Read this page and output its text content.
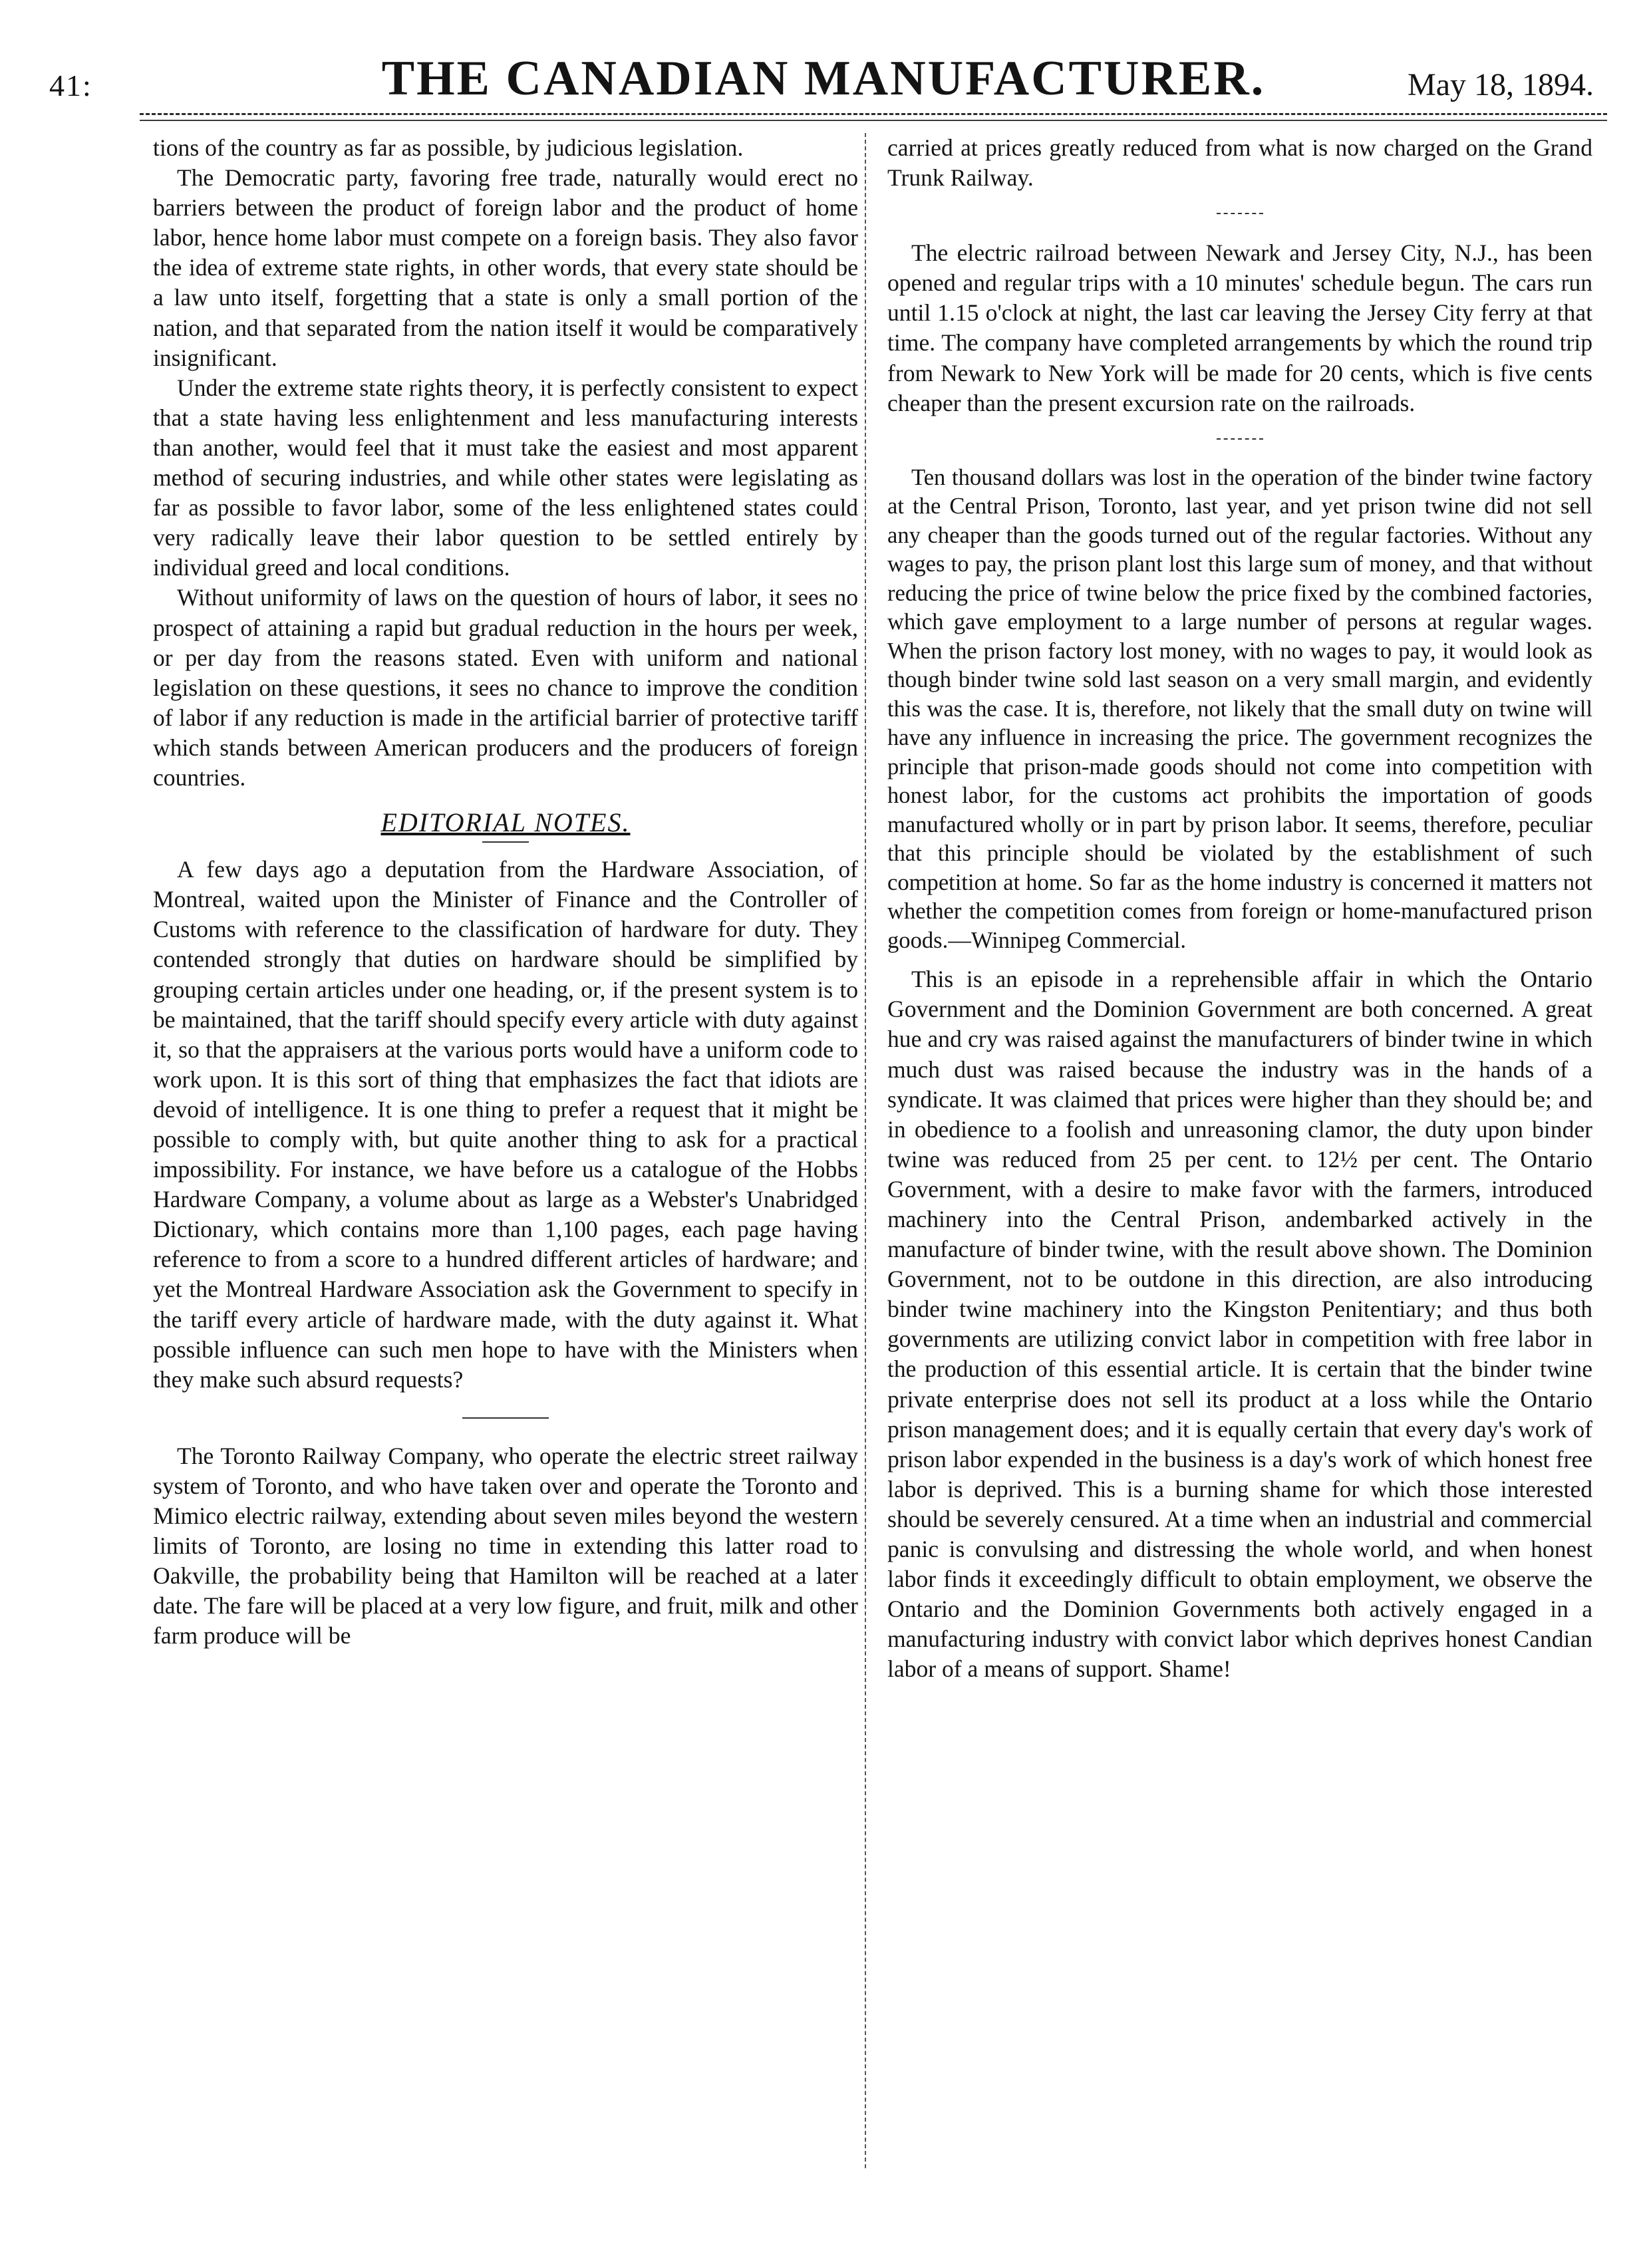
41:	THE CANADIAN MANUFACTURER.	May 18, 1894.

tions of the country as far as possible, by judicious legislation.

The Democratic party, favoring free trade, naturally would erect no barriers between the product of foreign labor and the product of home labor, hence home labor must compete on a foreign basis. They also favor the idea of extreme state rights, in other words, that every state should be a law unto itself, forgetting that a state is only a small portion of the nation, and that separated from the nation itself it would be comparatively insignificant.

Under the extreme state rights theory, it is perfectly consistent to expect that a state having less enlightenment and less manufacturing interests than another, would feel that it must take the easiest and most apparent method of securing industries, and while other states were legislating as far as possible to favor labor, some of the less enlightened states could very radically leave their labor question to be settled entirely by individual greed and local conditions.

Without uniformity of laws on the question of hours of labor, it sees no prospect of attaining a rapid but gradual reduction in the hours per week, or per day from the reasons stated. Even with uniform and national legislation on these questions, it sees no chance to improve the condition of labor if any reduction is made in the artificial barrier of protective tariff which stands between American producers and the producers of foreign countries.

EDITORIAL NOTES.

A few days ago a deputation from the Hardware Association, of Montreal, waited upon the Minister of Finance and the Controller of Customs with reference to the classification of hardware for duty. They contended strongly that duties on hardware should be simplified by grouping certain articles under one heading, or, if the present system is to be maintained, that the tariff should specify every article with duty against it, so that the appraisers at the various ports would have a uniform code to work upon. It is this sort of thing that emphasizes the fact that idiots are devoid of intelligence. It is one thing to prefer a request that it might be possible to comply with, but quite another thing to ask for a practical impossibility. For instance, we have before us a catalogue of the Hobbs Hardware Company, a volume about as large as a Webster's Unabridged Dictionary, which contains more than 1,100 pages, each page having reference to from a score to a hundred different articles of hardware; and yet the Montreal Hardware Association ask the Government to specify in the tariff every article of hardware made, with the duty against it. What possible influence can such men hope to have with the Ministers when they make such absurd requests?

The Toronto Railway Company, who operate the electric street railway system of Toronto, and who have taken over and operate the Toronto and Mimico electric railway, extending about seven miles beyond the western limits of Toronto, are losing no time in extending this latter road to Oakville, the probability being that Hamilton will be reached at a later date. The fare will be placed at a very low figure, and fruit, milk and other farm produce will be

carried at prices greatly reduced from what is now charged on the Grand Trunk Railway.

The electric railroad between Newark and Jersey City, N.J., has been opened and regular trips with a 10 minutes' schedule begun. The cars run until 1.15 o'clock at night, the last car leaving the Jersey City ferry at that time. The company have completed arrangements by which the round trip from Newark to New York will be made for 20 cents, which is five cents cheaper than the present excursion rate on the railroads.

Ten thousand dollars was lost in the operation of the binder twine factory at the Central Prison, Toronto, last year, and yet prison twine did not sell any cheaper than the goods turned out of the regular factories. Without any wages to pay, the prison plant lost this large sum of money, and that without reducing the price of twine below the price fixed by the combined factories, which gave employment to a large number of persons at regular wages. When the prison factory lost money, with no wages to pay, it would look as though binder twine sold last season on a very small margin, and evidently this was the case. It is, therefore, not likely that the small duty on twine will have any influence in increasing the price. The government recognizes the principle that prison-made goods should not come into competition with honest labor, for the customs act prohibits the importation of goods manufactured wholly or in part by prison labor. It seems, therefore, peculiar that this principle should be violated by the establishment of such competition at home. So far as the home industry is concerned it matters not whether the competition comes from foreign or home-manufactured prison goods.—Winnipeg Commercial.

This is an episode in a reprehensible affair in which the Ontario Government and the Dominion Government are both concerned. A great hue and cry was raised against the manufacturers of binder twine in which much dust was raised because the industry was in the hands of a syndicate. It was claimed that prices were higher than they should be; and in obedience to a foolish and unreasoning clamor, the duty upon binder twine was reduced from 25 per cent. to 12½ per cent. The Ontario Government, with a desire to make favor with the farmers, introduced machinery into the Central Prison, andembarked actively in the manufacture of binder twine, with the result above shown. The Dominion Government, not to be outdone in this direction, are also introducing binder twine machinery into the Kingston Penitentiary; and thus both governments are utilizing convict labor in competition with free labor in the production of this essential article. It is certain that the binder twine private enterprise does not sell its product at a loss while the Ontario prison management does; and it is equally certain that every day's work of prison labor expended in the business is a day's work of which honest free labor is deprived. This is a burning shame for which those interested should be severely censured. At a time when an industrial and commercial panic is convulsing and distressing the whole world, and when honest labor finds it exceedingly difficult to obtain employment, we observe the Ontario and the Dominion Governments both actively engaged in a manufacturing industry with convict labor which deprives honest Candian labor of a means of support. Shame!
